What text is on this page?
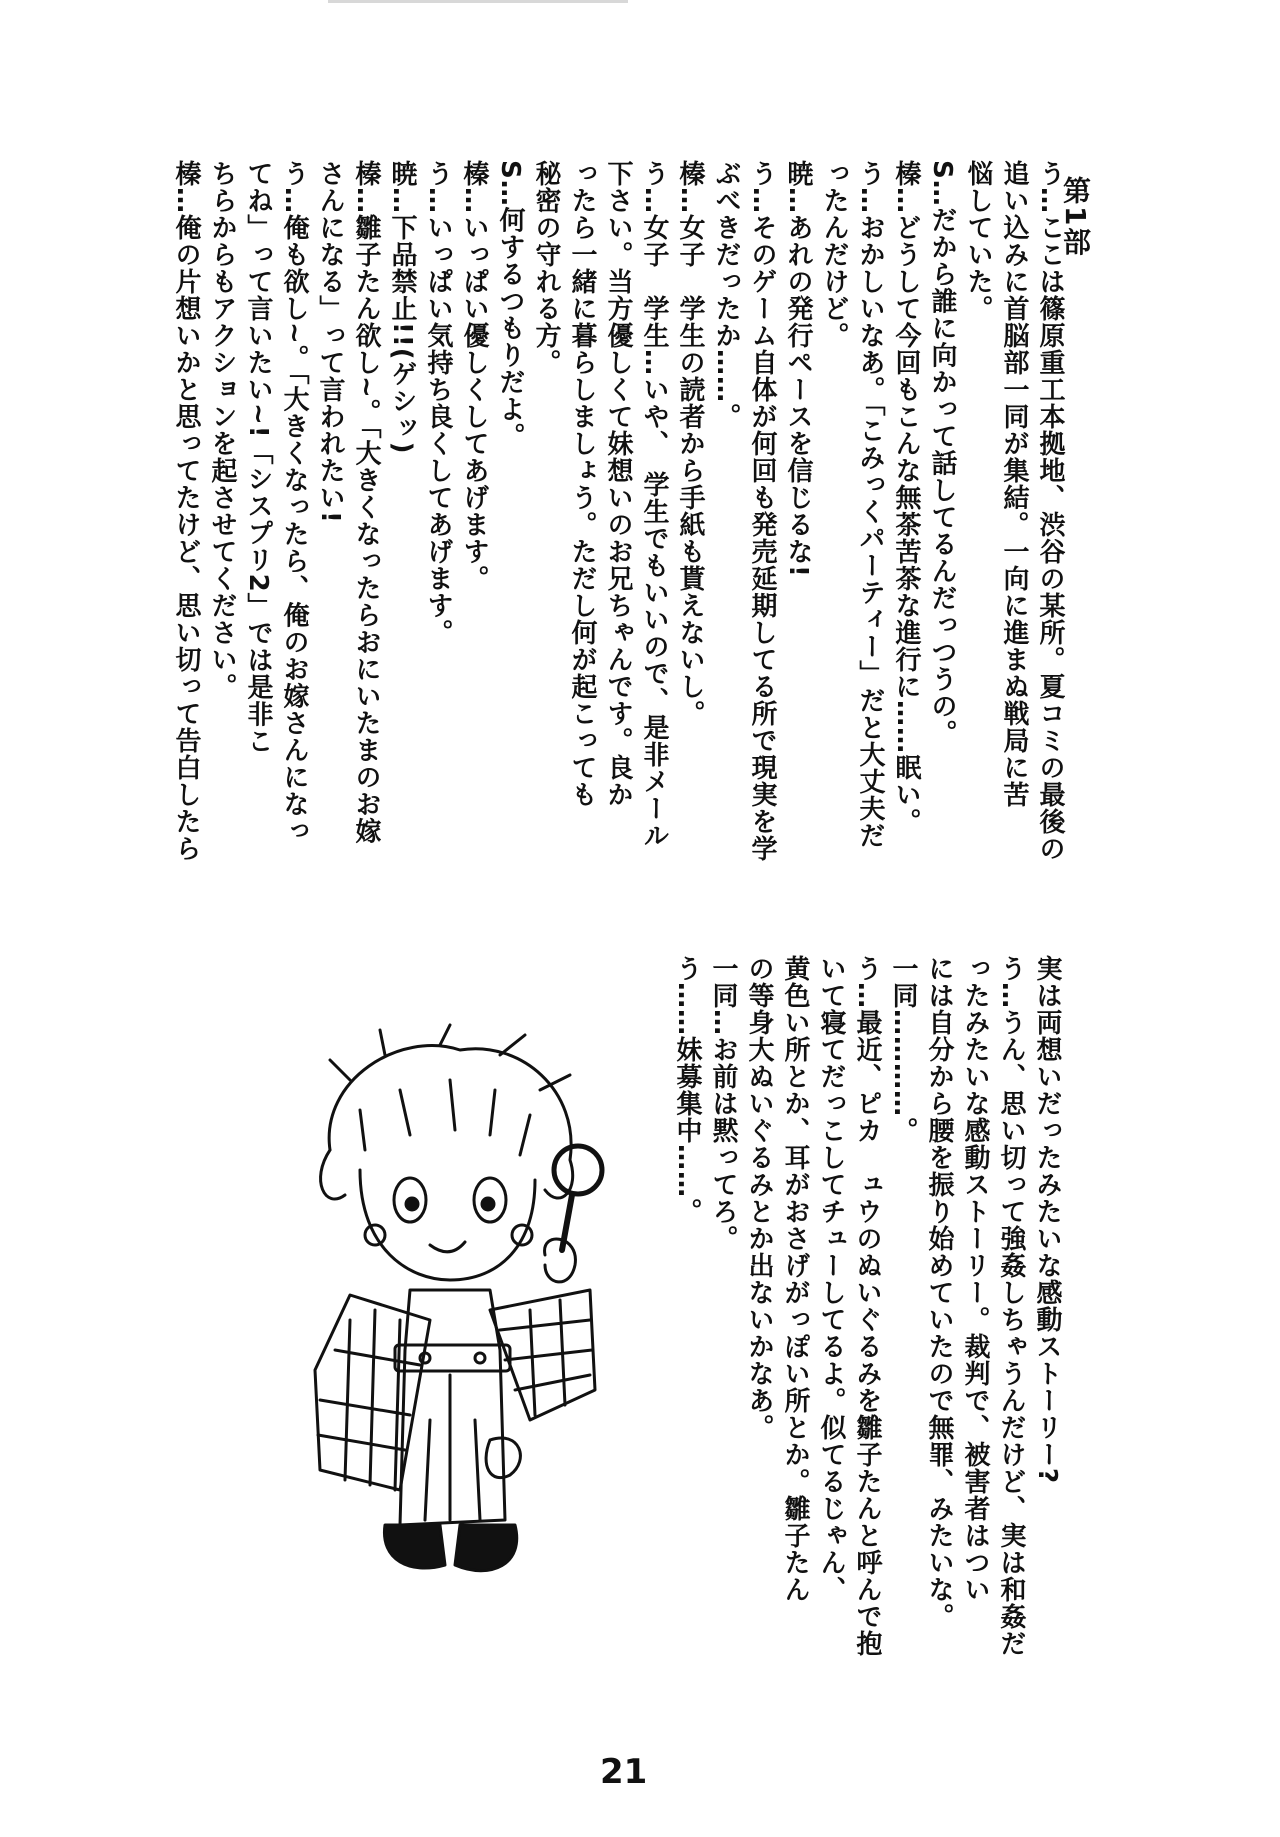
第1部
う…ここは篠原重工本拠地、渋谷の某所。夏コミの最後の
追い込みに首脳部一同が集結。一向に進まぬ戦局に苦
悩していた。
S…だから誰に向かって話してるんだっつうの。
榛…どうして今回もこんな無茶苦茶な進行に……眠い。
う…おかしいなあ。「こみっくパーティー」だと大丈夫だ
ったんだけど。
暁…あれの発行ペースを信じるな!
う…そのゲーム自体が何回も発売延期してる所で現実を学
ぶべきだったか……。
榛…女子　学生の読者から手紙も貰えないし。
う…女子　学生…いや、　学生でもいいので、是非メール
下さい。当方優しくて妹想いのお兄ちゃんです。良か
ったら一緒に暮らしましょう。ただし何が起こっても
秘密の守れる方。
S…何するつもりだよ。
榛…いっぱい優しくしてあげます。
う…いっぱい気持ち良くしてあげます。
暁…下品禁止!!(ゲシッ)
榛…雛子たん欲し~。「大きくなったらおにいたまのお嫁
さんになる」って言われたい!
う…俺も欲し~。「大きくなったら、俺のお嫁さんになっ
てね」って言いたい~!「シスプリ2」では是非こ
ちらからもアクションを起させてください。
榛…俺の片想いかと思ってたけど、思い切って告白したら
実は両想いだったみたいな感動ストーリー?
う…うん、思い切って強姦しちゃうんだけど、実は和姦だ
ったみたいな感動ストーリー。裁判で、被害者はつい
には自分から腰を振り始めていたので無罪、みたいな。
一同…………。
う…最近、ピカ　ュウのぬいぐるみを雛子たんと呼んで抱
いて寝てだっこしてチューしてるよ。似てるじゃん、
黄色い所とか、耳がおさげがっぽい所とか。雛子たん
の等身大ぬいぐるみとか出ないかなあ。
一同…お前は黙ってろ。
う……妹募集中……。
21
